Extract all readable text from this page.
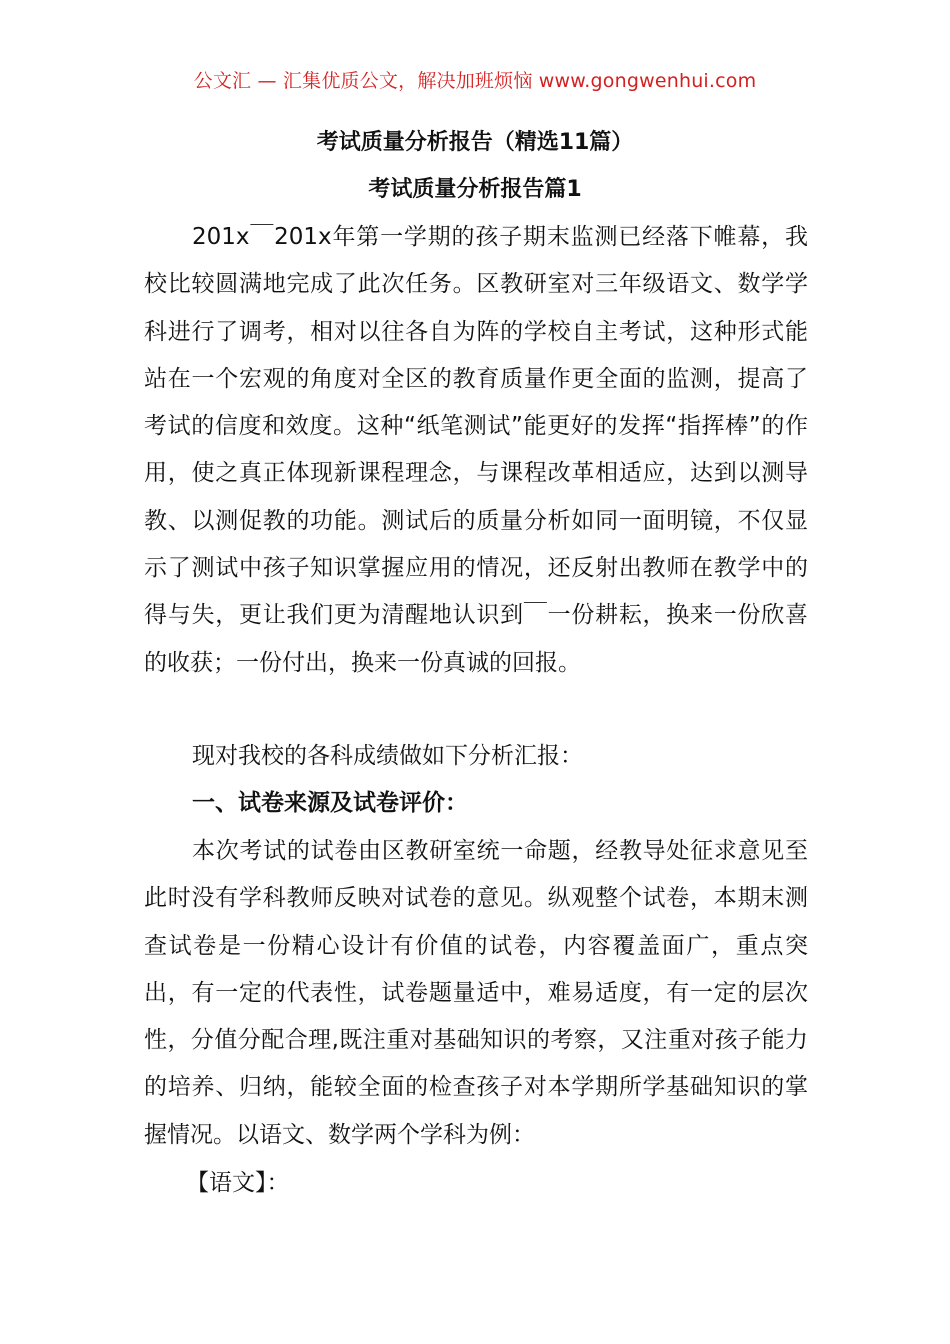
公文汇 — 汇集优质公文，解决加班烦恼 www.gongwenhui.com
考试质量分析报告（精选11篇）
考试质量分析报告篇1

201x￣201x年第一学期的孩子期末监测已经落下帷幕，我校比较圆满地完成了此次任务。区教研室对三年级语文、数学学科进行了调考，相对以往各自为阵的学校自主考试，这种形式能站在一个宏观的角度对全区的教育质量作更全面的监测，提高了考试的信度和效度。这种“纸笔测试”能更好的发挥“指挥棒”的作用，使之真正体现新课程理念，与课程改革相适应，达到以测导教、以测促教的功能。测试后的质量分析如同一面明镜，不仅显示了测试中孩子知识掌握应用的情况，还反射出教师在教学中的得与失，更让我们更为清醒地认识到￣一份耕耘，换来一份欣喜的收获；一份付出，换来一份真诚的回报。

现对我校的各科成绩做如下分析汇报：

一、试卷来源及试卷评价：

本次考试的试卷由区教研室统一命题，经教导处征求意见至此时没有学科教师反映对试卷的意见。纵观整个试卷，本期末测查试卷是一份精心设计有价值的试卷，内容覆盖面广，重点突出，有一定的代表性，试卷题量适中，难易适度，有一定的层次性，分值分配合理,既注重对基础知识的考察，又注重对孩子能力的培养、归纳，能较全面的检查孩子对本学期所学基础知识的掌握情况。以语文、数学两个学科为例：

【语文】：
